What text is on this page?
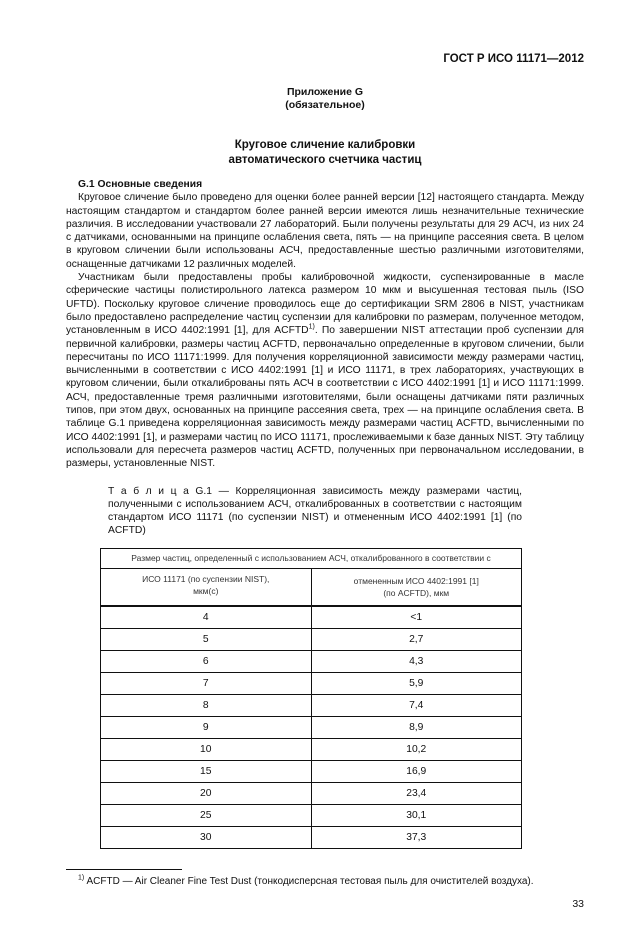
ГОСТ Р ИСО 11171—2012
Приложение G
(обязательное)
Круговое сличение калибровки
автоматического счетчика частиц
G.1 Основные сведения

Круговое сличение было проведено для оценки более ранней версии [12] настоящего стандарта. Между настоящим стандартом и стандартом более ранней версии имеются лишь незначительные технические различия. В исследовании участвовали 27 лабораторий. Были получены результаты для 29 АСЧ, из них 24 с датчиками, основанными на принципе ослабления света, пять — на принципе рассеяния света. В целом в круговом сличении были использованы АСЧ, предоставленные шестью различными изготовителями, оснащенные датчиками 12 различных моделей.

Участникам были предоставлены пробы калибровочной жидкости, суспензированные в масле сферические частицы полистирольного латекса размером 10 мкм и высушенная тестовая пыль (ISO UFTD). Поскольку круговое сличение проводилось еще до сертификации SRM 2806 в NIST, участникам было предоставлено распределение частиц суспензии для калибровки по размерам, полученное методом, установленным в ИСО 4402:1991 [1], для ACFTD$^{1)}$. По завершении NIST аттестации проб суспензии для первичной калибровки, размеры частиц ACFTD, первоначально определенные в круговом сличении, были пересчитаны по ИСО 11171:1999. Для получения корреляционной зависимости между размерами частиц, вычисленными в соответствии с ИСО 4402:1991 [1] и ИСО 11171, в трех лабораториях, участвующих в круговом сличении, были откалиброваны пять АСЧ в соответствии с ИСО 4402:1991 [1] и ИСО 11171:1999. АСЧ, предоставленные тремя различными изготовителями, были оснащены датчиками пяти различных типов, при этом двух, основанных на принципе рассеяния света, трех — на принципе ослабления света. В таблице G.1 приведена корреляционная зависимость между размерами частиц ACFTD, вычисленными по ИСО 4402:1991 [1], и размерами частиц по ИСО 11171, прослеживаемыми к базе данных NIST. Эту таблицу использовали для пересчета размеров частиц ACFTD, полученных при первоначальном исследовании, в размеры, установленные NIST.

Т а б л и ц а G.1 — Корреляционная зависимость между размерами частиц, полученными с использованием АСЧ, откалиброванных в соответствии с настоящим стандартом ИСО 11171 (по суспензии NIST) и отмененным ИСО 4402:1991 [1] (по ACFTD)
Размер частиц, определенный с использованием АСЧ, откалиброванного в соответствии с	
ИСО 11171 (по суспензии NIST), мкм(c)	отмененным ИСО 4402:1991 [1] (по ACFTD), мкм
4	<1
5	2,7
6	4,3
7	5,9
8	7,4
9	8,9
10	10,2
15	16,9
20	23,4
25	30,1
30	37,3
$^{1)}$ ACFTD — Air Cleaner Fine Test Dust (тонкодисперсная тестовая пыль для очистителей воздуха).
33
